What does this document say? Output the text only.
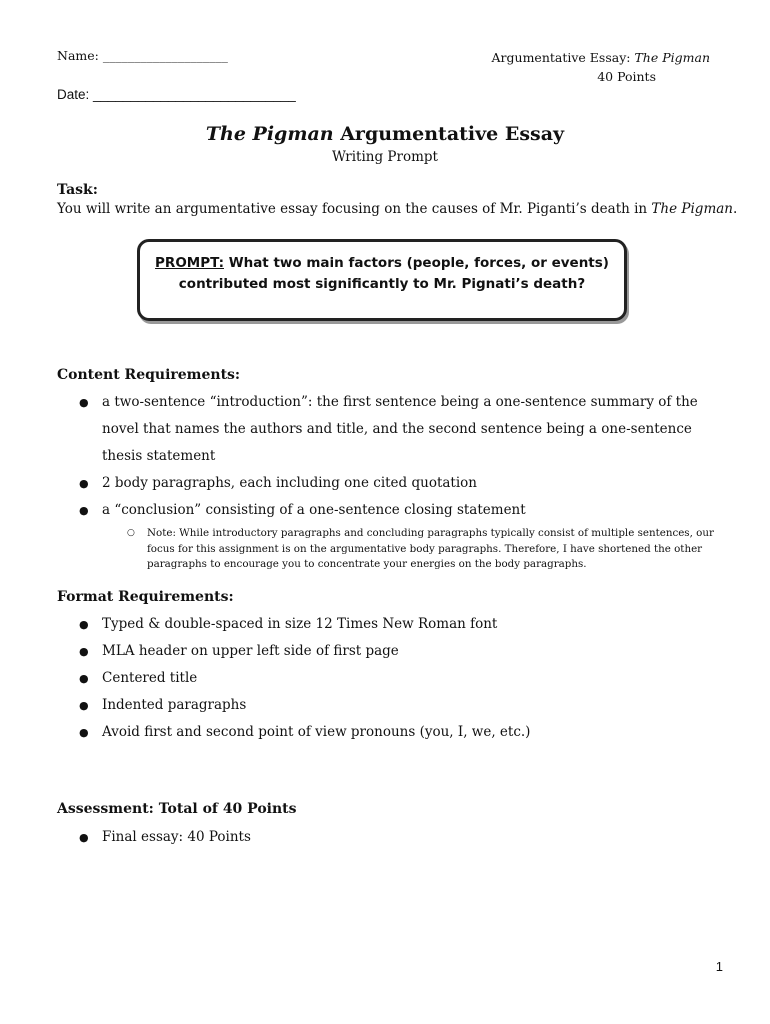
Name: ____________________	Argumentative Essay: The Pigman
40 Points
Date: ___________________________
The Pigman Argumentative Essay
Writing Prompt
Task:
You will write an argumentative essay focusing on the causes of Mr. Piganti’s death in The Pigman.
PROMPT: What two main factors (people, forces, or events)
contributed most significantly to Mr. Pignati’s death?
Content Requirements:
● a two-sentence “introduction”: the first sentence being a one-sentence summary of the novel that names the authors and title, and the second sentence being a one-sentence thesis statement
● 2 body paragraphs, each including one cited quotation
● a “conclusion” consisting of a one-sentence closing statement
○ Note: While introductory paragraphs and concluding paragraphs typically consist of multiple sentences, our focus for this assignment is on the argumentative body paragraphs. Therefore, I have shortened the other paragraphs to encourage you to concentrate your energies on the body paragraphs.
Format Requirements:
● Typed & double-spaced in size 12 Times New Roman font
● MLA header on upper left side of first page
● Centered title
● Indented paragraphs
● Avoid first and second point of view pronouns (you, I, we, etc.)
Assessment: Total of 40 Points
● Final essay: 40 Points
1
